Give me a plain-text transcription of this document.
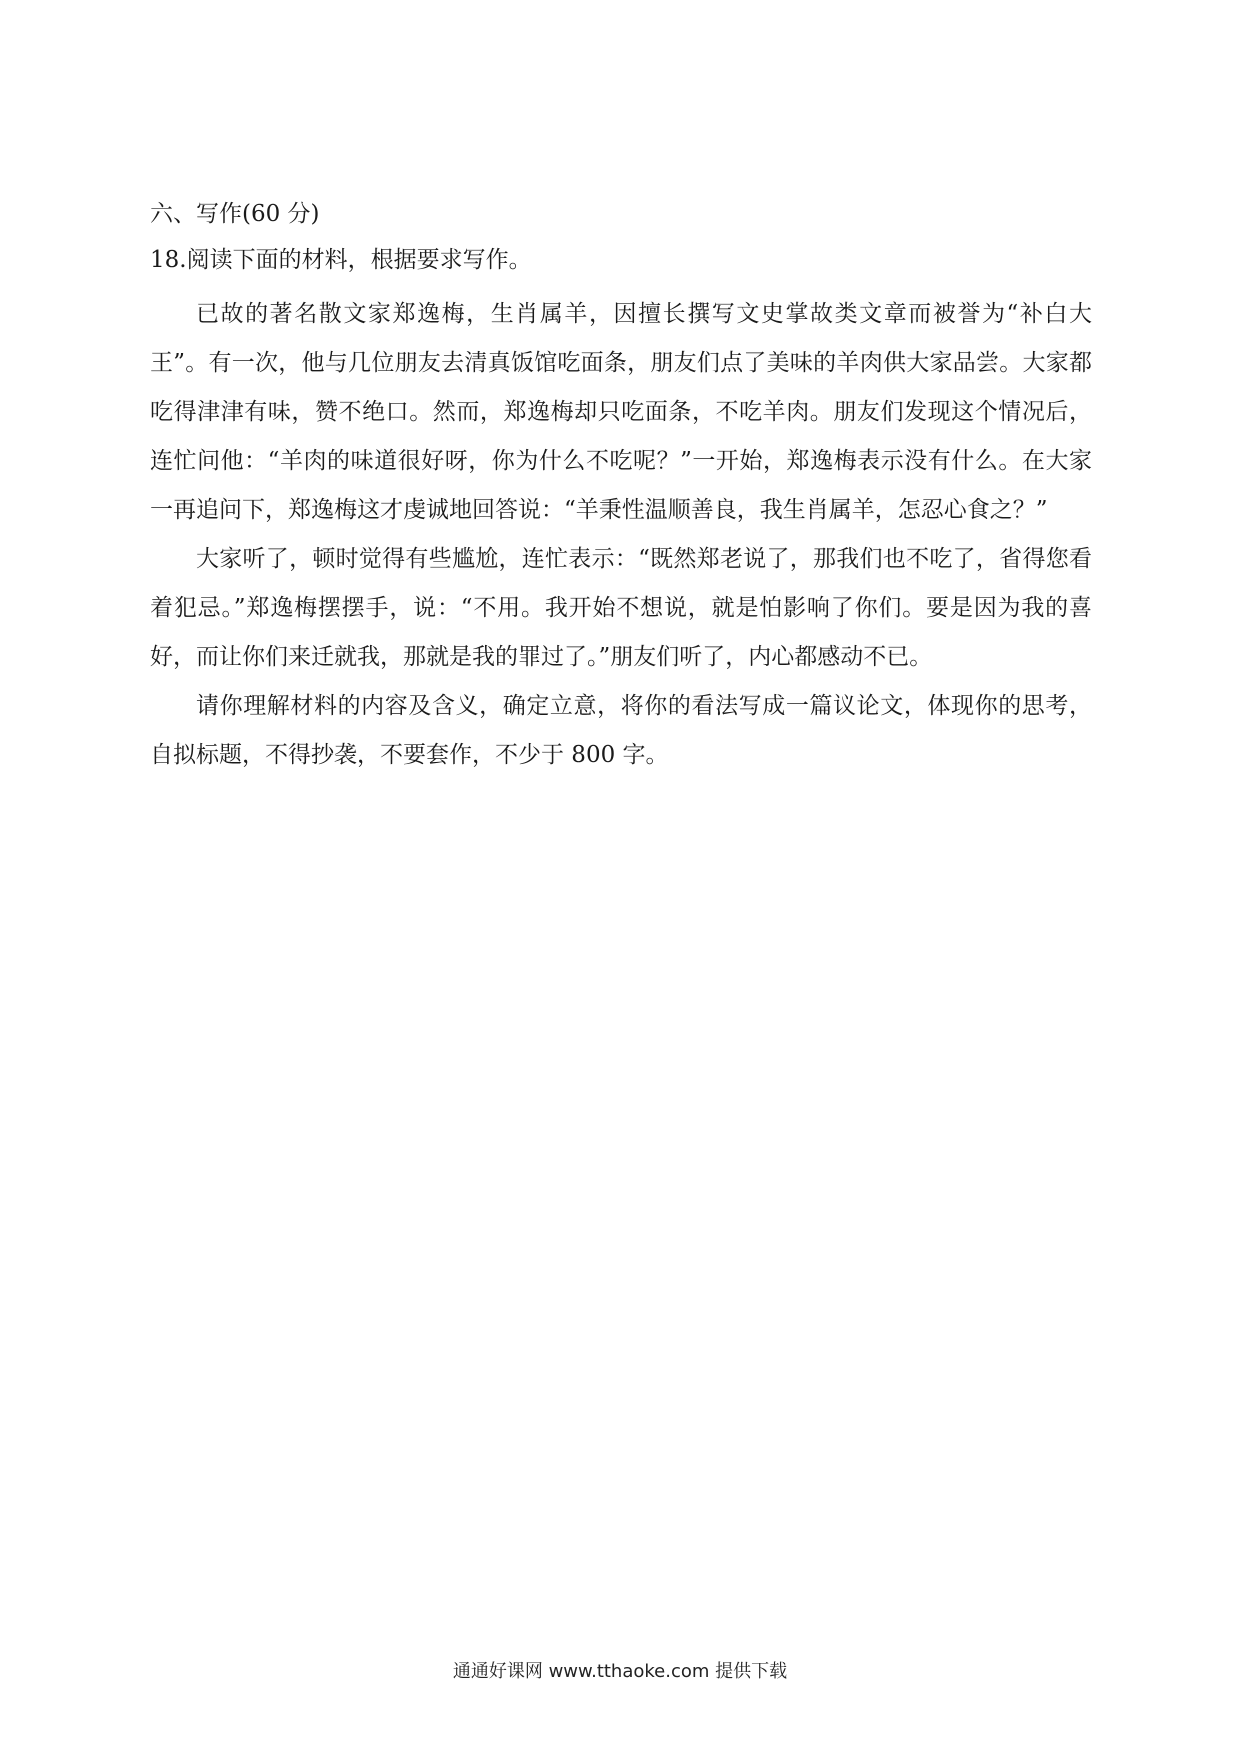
六、写作(60 分)
18.阅读下面的材料，根据要求写作。

已故的著名散文家郑逸梅，生肖属羊，因擅长撰写文史掌故类文章而被誉为“补白大王”。有一次，他与几位朋友去清真饭馆吃面条，朋友们点了美味的羊肉供大家品尝。大家都吃得津津有味，赞不绝口。然而，郑逸梅却只吃面条，不吃羊肉。朋友们发现这个情况后，连忙问他：“羊肉的味道很好呀，你为什么不吃呢？”一开始，郑逸梅表示没有什么。在大家一再追问下，郑逸梅这才虔诚地回答说：“羊秉性温顺善良，我生肖属羊，怎忍心食之？”

大家听了，顿时觉得有些尴尬，连忙表示：“既然郑老说了，那我们也不吃了，省得您看着犯忌。”郑逸梅摆摆手，说：“不用。我开始不想说，就是怕影响了你们。要是因为我的喜好，而让你们来迁就我，那就是我的罪过了。”朋友们听了，内心都感动不已。

请你理解材料的内容及含义，确定立意，将你的看法写成一篇议论文，体现你的思考，自拟标题，不得抄袭，不要套作，不少于 800 字。

通通好课网 www.tthaoke.com 提供下载
